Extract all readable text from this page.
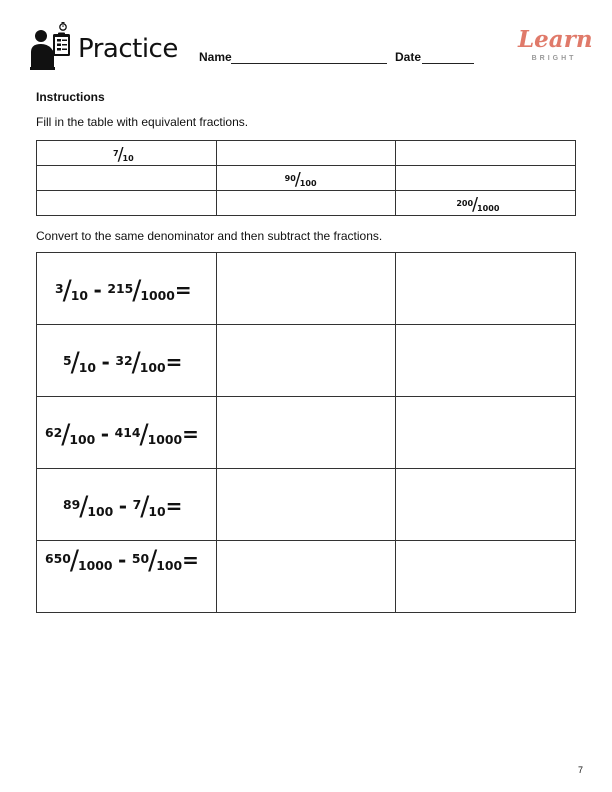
Practice Name	Date
Learn
BRIGHT
Instructions
Fill in the table with equivalent fractions.
$^7/_{10}$

	$^{90}/_{100}$

		$^{200}/_{1000}$
Convert to the same denominator and then subtract the fractions.
$^3/_{10} - ^{215}/_{1000}=$		

$^5/_{10} - ^{32}/_{100}=$		

$^{62}/_{100} - ^{414}/_{1000}=$		

$^{89}/_{100} - ^7/_{10}=$		

$^{650}/_{1000} - ^{50}/_{100}=$		

7
